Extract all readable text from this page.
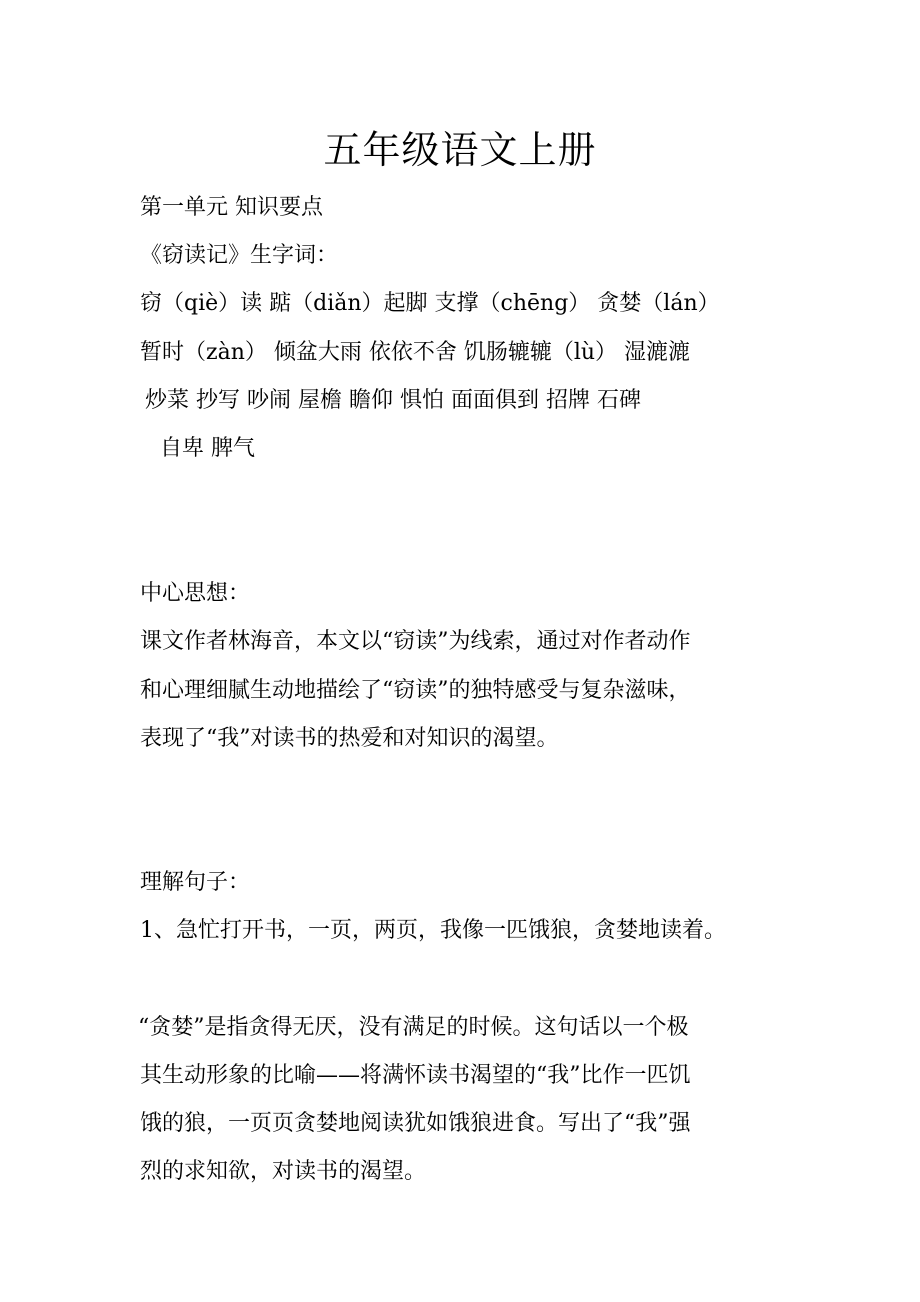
五年级语文上册
第一单元 知识要点
《窃读记》生字词：
窃（qiè）读 踮（diǎn）起脚 支撑（chēng） 贪婪（lán）
暂时（zàn） 倾盆大雨 依依不舍 饥肠辘辘（lù） 湿漉漉
炒菜 抄写 吵闹 屋檐 瞻仰 惧怕 面面俱到 招牌 石碑
自卑 脾气
中心思想：
课文作者林海音，本文以“窃读”为线索，通过对作者动作
和心理细腻生动地描绘了“窃读”的独特感受与复杂滋味，
表现了“我”对读书的热爱和对知识的渴望。
理解句子：
1、急忙打开书，一页，两页，我像一匹饿狼，贪婪地读着。
“贪婪”是指贪得无厌，没有满足的时候。这句话以一个极
其生动形象的比喻——将满怀读书渴望的“我”比作一匹饥
饿的狼，一页页贪婪地阅读犹如饿狼进食。写出了“我”强
烈的求知欲，对读书的渴望。
